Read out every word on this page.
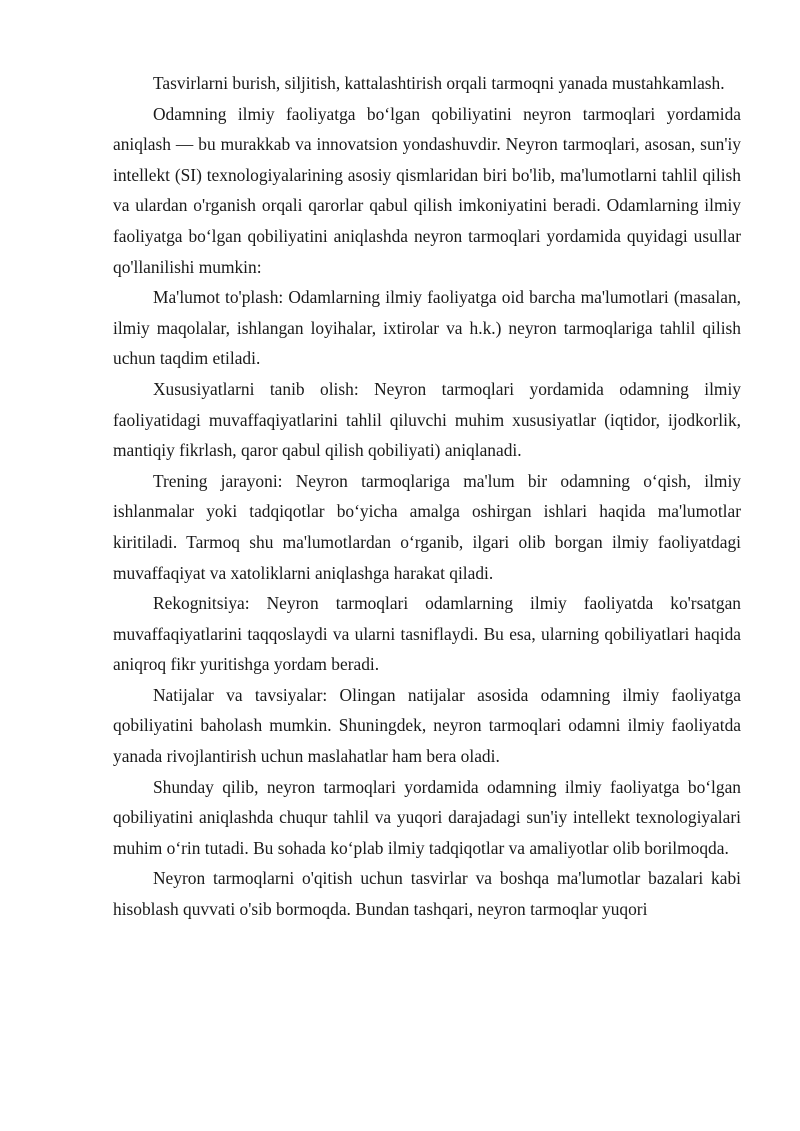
Tasvirlarni burish, siljitish, kattalashtirish orqali tarmoqni yanada mustahkamlash.

Odamning ilmiy faoliyatga bo‘lgan qobiliyatini neyron tarmoqlari yordamida aniqlash — bu murakkab va innovatsion yondashuvdir. Neyron tarmoqlari, asosan, sun'iy intellekt (SI) texnologiyalarining asosiy qismlaridan biri bo'lib, ma'lumotlarni tahlil qilish va ulardan o'rganish orqali qarorlar qabul qilish imkoniyatini beradi. Odamlarning ilmiy faoliyatga bo‘lgan qobiliyatini aniqlashda neyron tarmoqlari yordamida quyidagi usullar qo'llanilishi mumkin:

Ma'lumot to'plash: Odamlarning ilmiy faoliyatga oid barcha ma'lumotlari (masalan, ilmiy maqolalar, ishlangan loyihalar, ixtirolar va h.k.) neyron tarmoqlariga tahlil qilish uchun taqdim etiladi.

Xususiyatlarni tanib olish: Neyron tarmoqlari yordamida odamning ilmiy faoliyatidagi muvaffaqiyatlarini tahlil qiluvchi muhim xususiyatlar (iqtidor, ijodkorlik, mantiqiy fikrlash, qaror qabul qilish qobiliyati) aniqlanadi.

Trening jarayoni: Neyron tarmoqlariga ma'lum bir odamning o‘qish, ilmiy ishlanmalar yoki tadqiqotlar bo‘yicha amalga oshirgan ishlari haqida ma'lumotlar kiritiladi. Tarmoq shu ma'lumotlardan o‘rganib, ilgari olib borgan ilmiy faoliyatdagi muvaffaqiyat va xatoliklarni aniqlashga harakat qiladi.

Rekognitsiya: Neyron tarmoqlari odamlarning ilmiy faoliyatda ko'rsatgan muvaffaqiyatlarini taqqoslaydi va ularni tasniflaydi. Bu esa, ularning qobiliyatlari haqida aniqroq fikr yuritishga yordam beradi.

Natijalar va tavsiyalar: Olingan natijalar asosida odamning ilmiy faoliyatga qobiliyatini baholash mumkin. Shuningdek, neyron tarmoqlari odamni ilmiy faoliyatda yanada rivojlantirish uchun maslahatlar ham bera oladi.

Shunday qilib, neyron tarmoqlari yordamida odamning ilmiy faoliyatga bo‘lgan qobiliyatini aniqlashda chuqur tahlil va yuqori darajadagi sun'iy intellekt texnologiyalari muhim o‘rin tutadi. Bu sohada ko‘plab ilmiy tadqiqotlar va amaliyotlar olib borilmoqda.

Neyron tarmoqlarni o'qitish uchun tasvirlar va boshqa ma'lumotlar bazalari kabi hisoblash quvvati o'sib bormoqda. Bundan tashqari, neyron tarmoqlar yuqori
